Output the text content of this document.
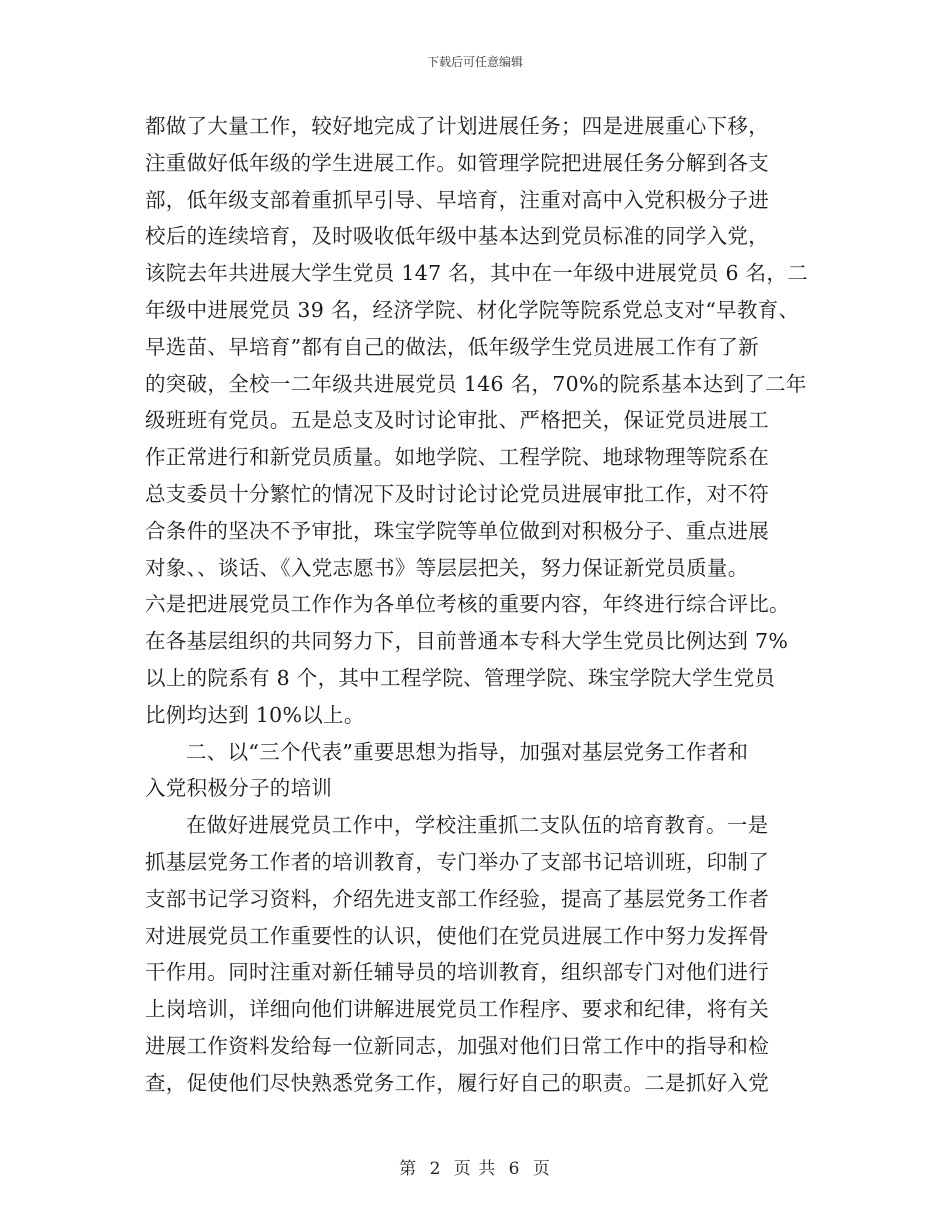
下载后可任意编辑
都做了大量工作，较好地完成了计划进展任务；四是进展重心下移，
注重做好低年级的学生进展工作。如管理学院把进展任务分解到各支
部，低年级支部着重抓早引导、早培育，注重对高中入党积极分子进
校后的连续培育，及时吸收低年级中基本达到党员标准的同学入党，
该院去年共进展大学生党员 147 名，其中在一年级中进展党员 6 名，二
年级中进展党员 39 名，经济学院、材化学院等院系党总支对“早教育、
早选苗、早培育”都有自己的做法，低年级学生党员进展工作有了新
的突破，全校一二年级共进展党员 146 名，70%的院系基本达到了二年
级班班有党员。五是总支及时讨论审批、严格把关，保证党员进展工
作正常进行和新党员质量。如地学院、工程学院、地球物理等院系在
总支委员十分繁忙的情况下及时讨论讨论党员进展审批工作，对不符
合条件的坚决不予审批，珠宝学院等单位做到对积极分子、重点进展
对象、、谈话、《入党志愿书》等层层把关，努力保证新党员质量。
六是把进展党员工作作为各单位考核的重要内容，年终进行综合评比。
在各基层组织的共同努力下，目前普通本专科大学生党员比例达到 7%
以上的院系有 8 个，其中工程学院、管理学院、珠宝学院大学生党员
比例均达到 10%以上。
二、以“三个代表”重要思想为指导，加强对基层党务工作者和
入党积极分子的培训
在做好进展党员工作中，学校注重抓二支队伍的培育教育。一是
抓基层党务工作者的培训教育，专门举办了支部书记培训班，印制了
支部书记学习资料，介绍先进支部工作经验，提高了基层党务工作者
对进展党员工作重要性的认识，使他们在党员进展工作中努力发挥骨
干作用。同时注重对新任辅导员的培训教育，组织部专门对他们进行
上岗培训，详细向他们讲解进展党员工作程序、要求和纪律，将有关
进展工作资料发给每一位新同志，加强对他们日常工作中的指导和检
查，促使他们尽快熟悉党务工作，履行好自己的职责。二是抓好入党
第 2 页 共 6 页
